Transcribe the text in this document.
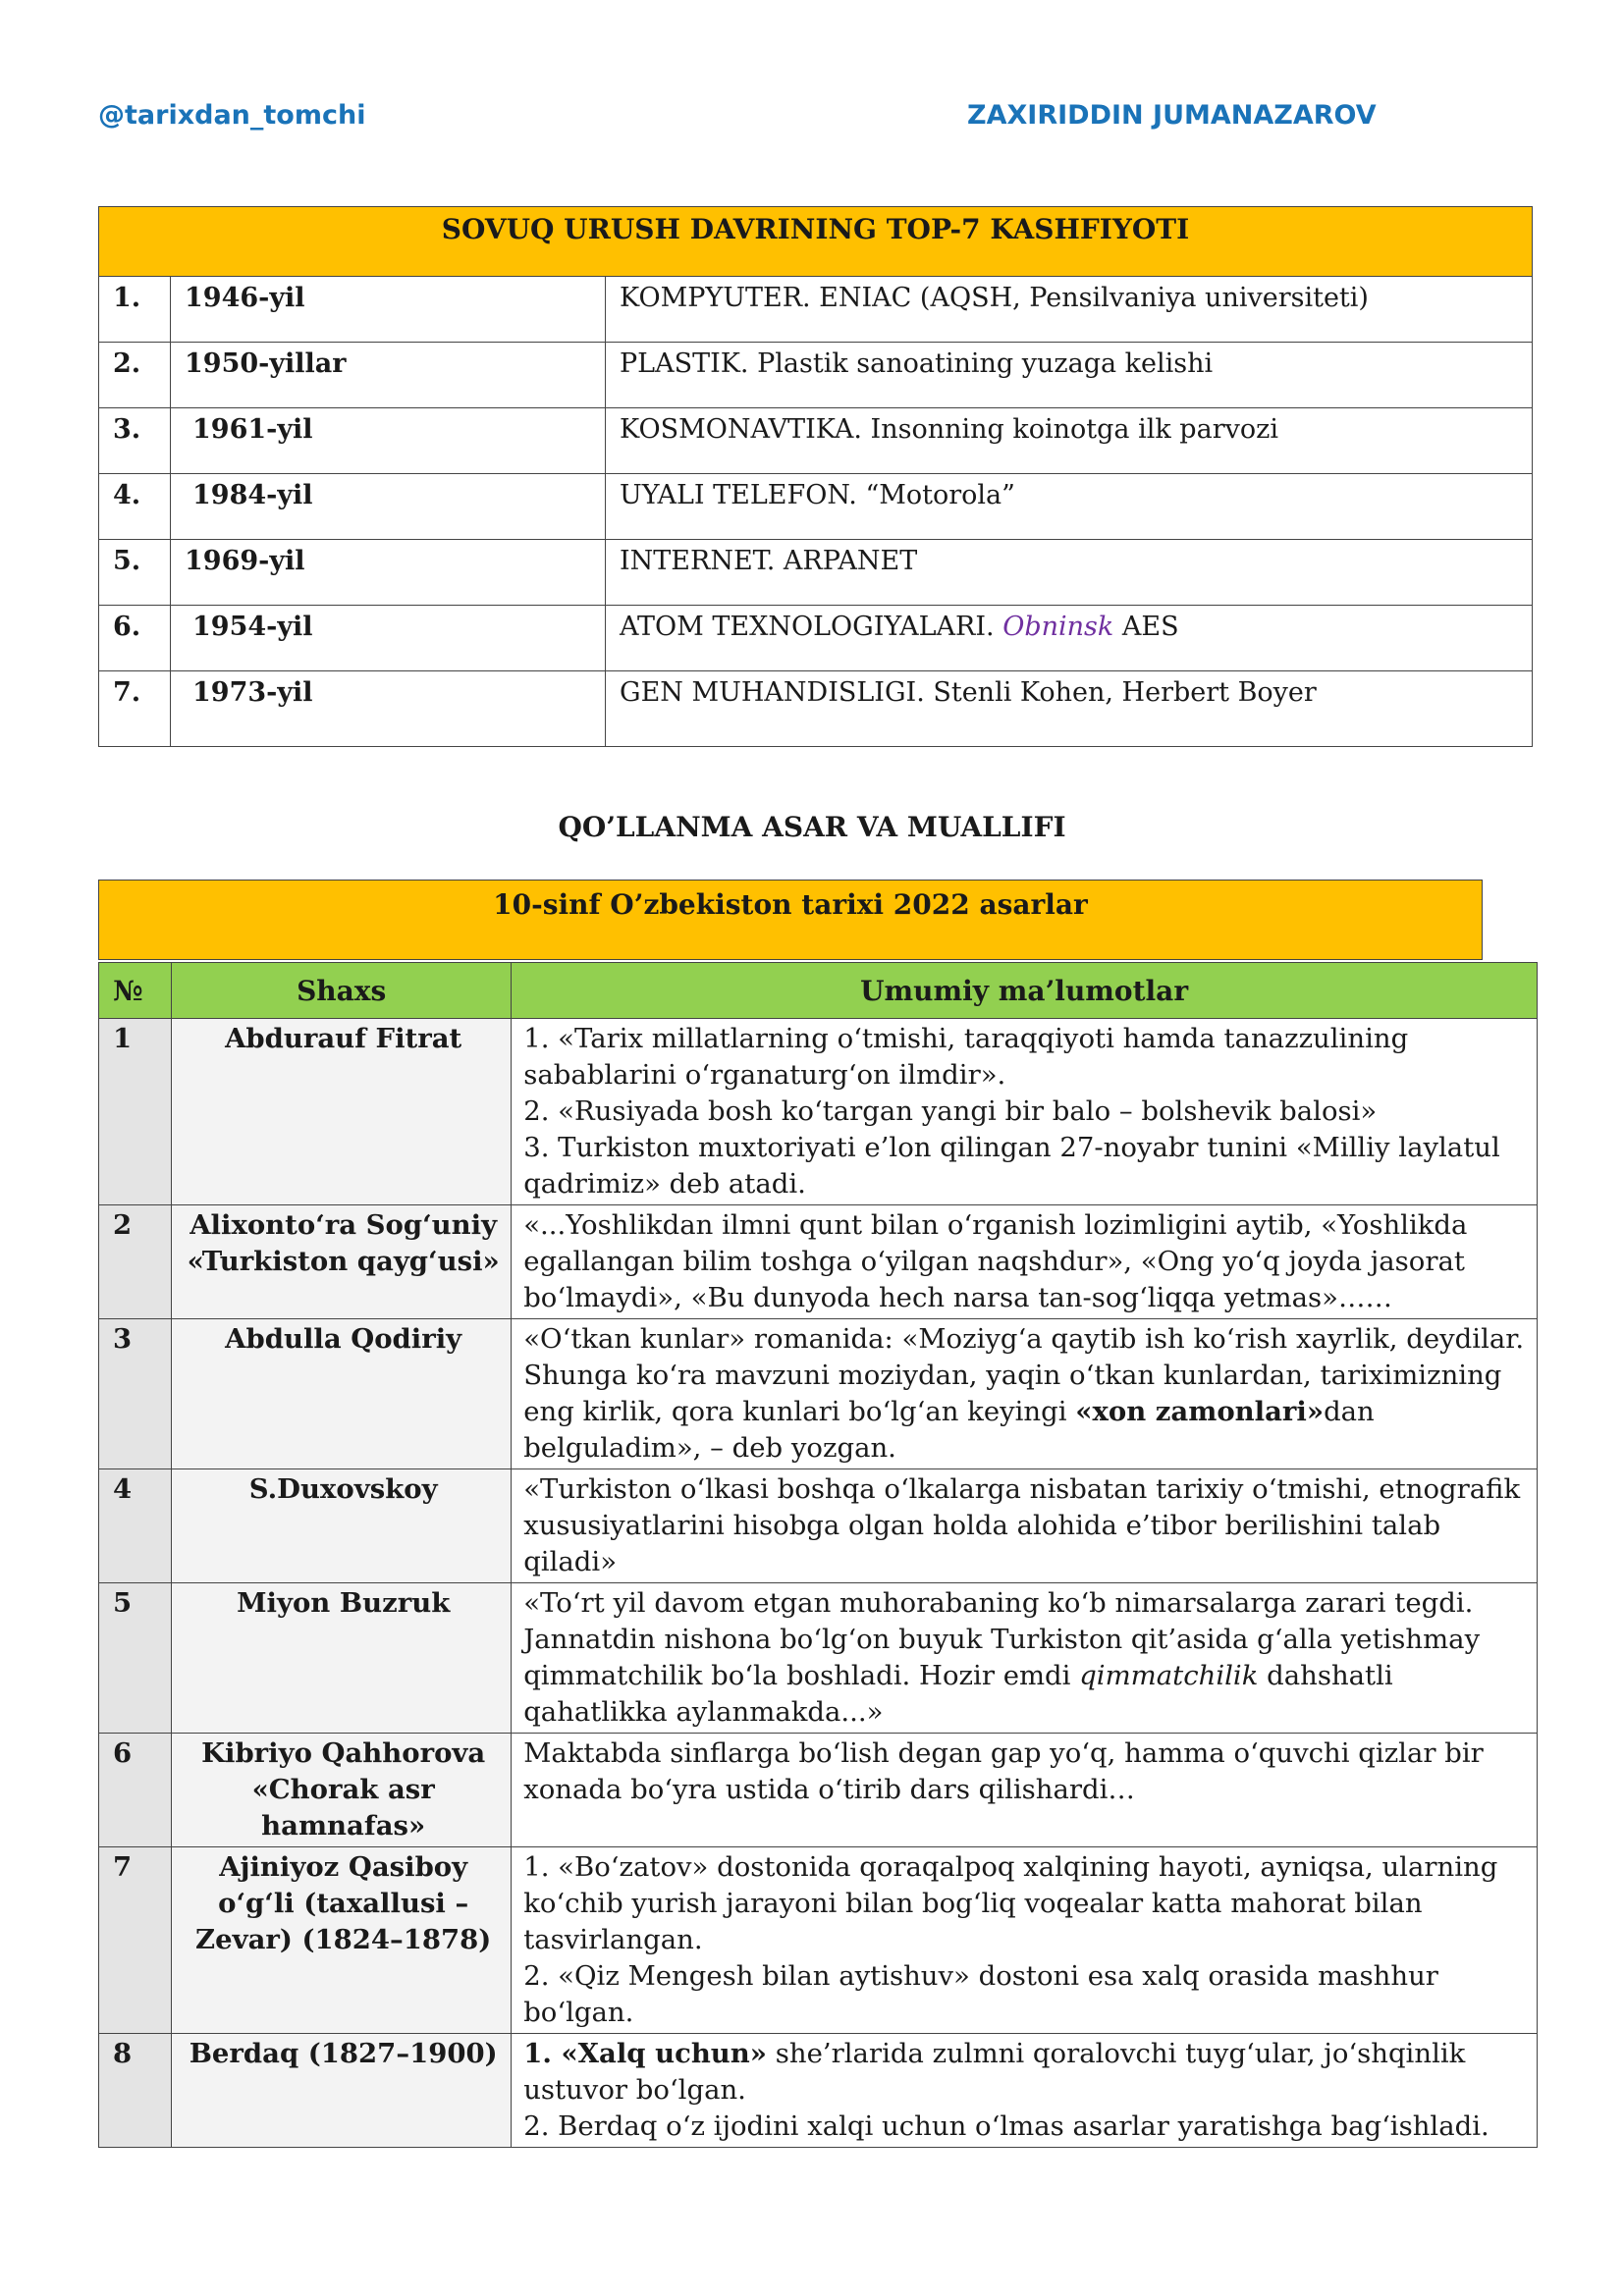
@tarixdan_tomchi	ZAXIRIDDIN JUMANAZAROV
SOVUQ URUSH DAVRINING TOP-7 KASHFIYOTI		
1.	1946-yil	KOMPYUTER. ENIAC (AQSH, Pensilvaniya universiteti)
2.	1950-yillar	PLASTIK. Plastik sanoatining yuzaga kelishi
3.	1961-yil	KOSMONAVTIKA. Insonning koinotga ilk parvozi
4.	1984-yil	UYALI TELEFON. “Motorola”
5.	1969-yil	INTERNET. ARPANET
6.	1954-yil	ATOM TEXNOLOGIYALARI. Obninsk AES
7.	1973-yil	GEN MUHANDISLIGI. Stenli Kohen, Herbert Boyer
QO’LLANMA ASAR VA MUALLIFI
10-sinf O’zbekiston tarixi 2022 asarlar
№	Shaxs	Umumiy ma’lumotlar
1	Abdurauf Fitrat	1. «Tarix millatlarning oʻtmishi, taraqqiyoti hamda tanazzulining sabablarini oʻrganaturgʻon ilmdir».
2. «Rusiyada bosh koʻtargan yangi bir balo – bolshevik balosi»
3. Turkiston muxtoriyati e’lon qilingan 27-noyabr tunini «Milliy laylatul qadrimiz» deb atadi.

2	Alixontoʻra Sogʻuniy «Turkiston qaygʻusi»	«...Yoshlikdan ilmni qunt bilan oʻrganish lozimligini aytib, «Yoshlikda egallangan bilim toshga oʻyilgan naqshdur», «Ong yoʻq joyda jasorat boʻlmaydi», «Bu dunyoda hech narsa tan-sogʻliqqa yetmas»……
3	Abdulla Qodiriy	«Oʻtkan kunlar» romanida: «Moziygʻa qaytib ish koʻrish xayrlik, deydilar. Shunga koʻra mavzuni moziydan, yaqin oʻtkan kunlardan, tariximizning eng kirlik, qora kunlari boʻlgʻan keyingi «xon zamonlari»dan belguladim», – deb yozgan.
4	S.Duxovskoy	«Turkiston oʻlkasi boshqa oʻlkalarga nisbatan tarixiy oʻtmishi, etnografik xususiyatlarini hisobga olgan holda alohida e’tibor berilishini talab qiladi»
5	Miyon Buzruk	«Toʻrt yil davom etgan muhorabaning koʻb nimarsalarga zarari tegdi. Jannatdin nishona boʻlgʻon buyuk Turkiston qit’asida gʻalla yetishmay qimmatchilik boʻla boshladi. Hozir emdi qimmatchilik dahshatli qahatlikka aylanmakda...»
6	Kibriyo Qahhorova «Chorak asr hamnafas»	Maktabda sinflarga boʻlish degan gap yoʻq, hamma oʻquvchi qizlar bir xonada boʻyra ustida oʻtirib dars qilishardi…
7	Ajiniyoz Qasiboy oʻgʻli (taxallusi – Zevar) (1824–1878)	1. «Boʻzatov» dostonida qoraqalpoq xalqining hayoti, ayniqsa, ularning koʻchib yurish jarayoni bilan bogʻliq voqealar katta mahorat bilan tasvirlangan.
2. «Qiz Mengesh bilan aytishuv» dostoni esa xalq orasida mashhur boʻlgan.

8	Berdaq (1827–1900)	1. «Xalq uchun» she’rlarida zulmni qoralovchi tuygʻular, joʻshqinlik ustuvor boʻlgan.
2. Berdaq oʻz ijodini xalqi uchun oʻlmas asarlar yaratishga bagʻishladi.
